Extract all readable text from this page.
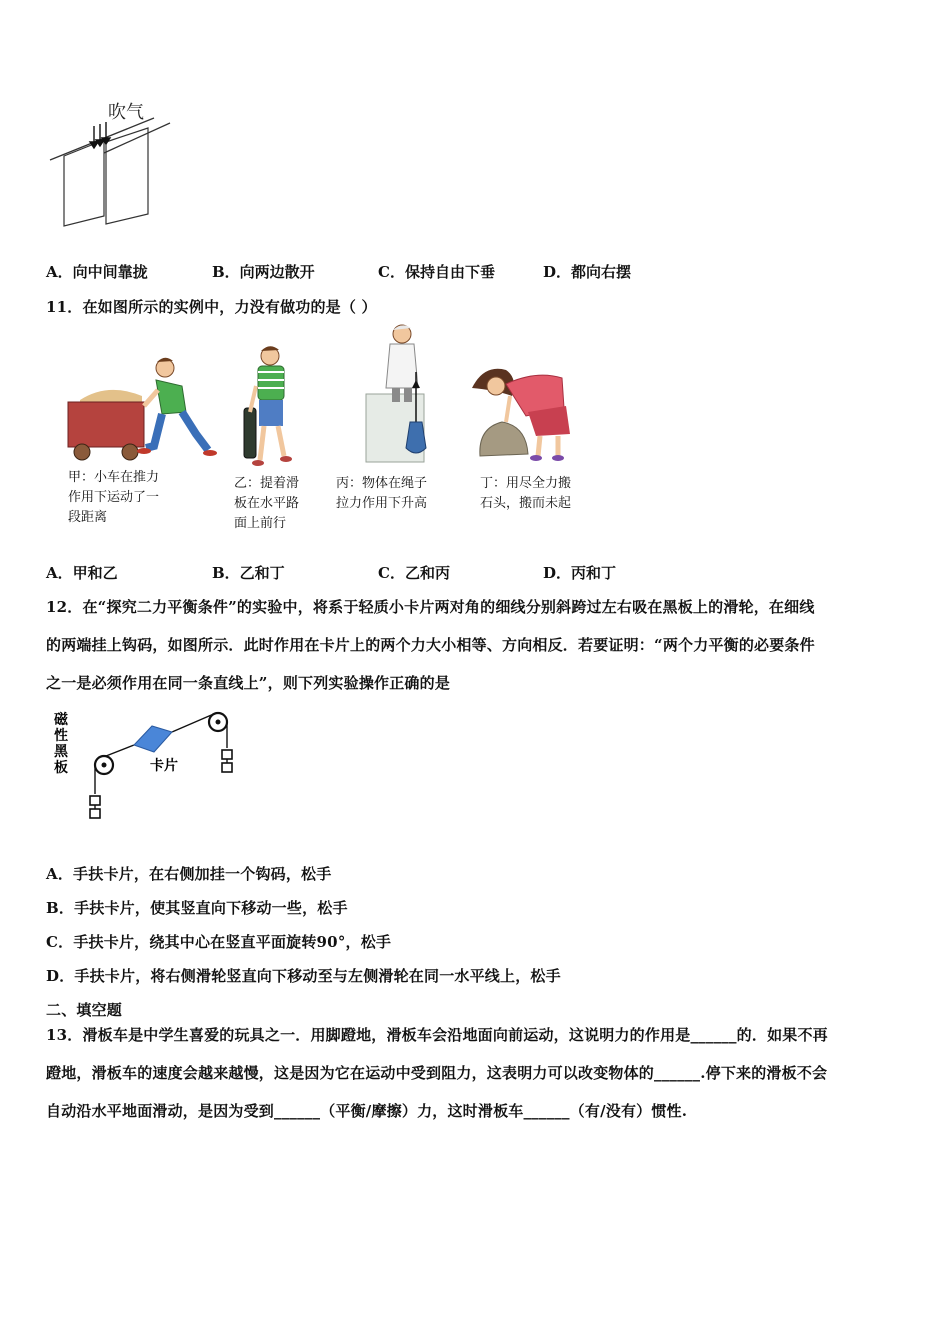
吹气
A．向中间靠拢	B．向两边散开	C．保持自由下垂	D．都向右摆
11．在如图所示的实例中，力没有做功的是（ ）
甲：小车在推力
作用下运动了一
段距离
乙：提着滑
板在水平路
面上前行
丙：物体在绳子
拉力作用下升高
丁：用尽全力搬
石头，搬而未起
A．甲和乙	B．乙和丁	C．乙和丙	D．丙和丁
12．在“探究二力平衡条件”的实验中，将系于轻质小卡片两对角的细线分别斜跨过左右吸在黑板上的滑轮，在细线
的两端挂上钩码，如图所示．此时作用在卡片上的两个力大小相等、方向相反．若要证明：“两个力平衡的必要条件
之一是必须作用在同一条直线上”，则下列实验操作正确的是
磁
性
黑
板	卡片
A．手扶卡片，在右侧加挂一个钩码，松手
B．手扶卡片，使其竖直向下移动一些，松手
C．手扶卡片，绕其中心在竖直平面旋转90°，松手
D．手扶卡片，将右侧滑轮竖直向下移动至与左侧滑轮在同一水平线上，松手
二、填空题
13．滑板车是中学生喜爱的玩具之一．用脚蹬地，滑板车会沿地面向前运动，这说明力的作用是______的．如果不再
蹬地，滑板车的速度会越来越慢，这是因为它在运动中受到阻力，这表明力可以改变物体的______.停下来的滑板不会
自动沿水平地面滑动，是因为受到______（平衡/摩擦）力，这时滑板车______（有/没有）惯性.
